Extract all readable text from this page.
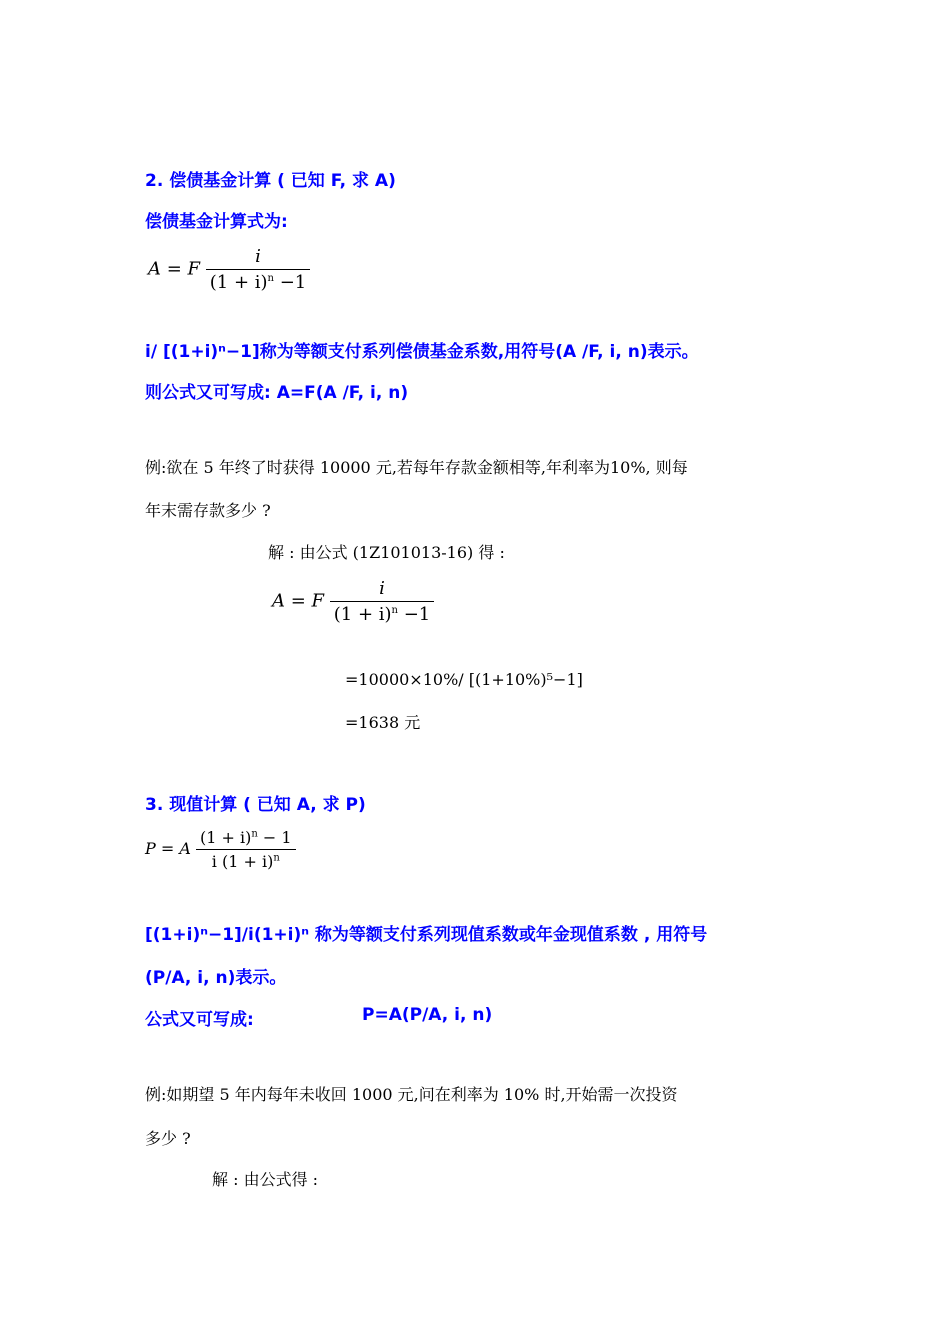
2. 偿债基金计算 ( 已知 F, 求 A)
偿债基金计算式为:
A = F $\frac{i}{(1 + i)^n -1}$
i/ [(1+i)ⁿ−1]称为等额支付系列偿债基金系数,用符号(A /F, i, n)表示。
则公式又可写成: A=F(A /F, i, n)
例:欲在 5 年终了时获得 10000 元,若每年存款金额相等,年利率为10%, 则每
年末需存款多少 ?
解 : 由公式 (1Z101013-16) 得 :
A = F $\frac{i}{(1 + i)^n -1}$
=10000×10%/ [(1+10%)⁵−1]
=1638 元
3. 现值计算 ( 已知 A, 求 P)
P = A $\frac{(1 + i)^n - 1}{i (1 + i)^n}$
[(1+i)ⁿ−1]/i(1+i)ⁿ 称为等额支付系列现值系数或年金现值系数 , 用符号
(P/A, i, n)表示。
公式又可写成:	P=A(P/A, i, n)
例:如期望 5 年内每年未收回 1000 元,问在利率为 10% 时,开始需一次投资
多少 ?
解 : 由公式得 :
